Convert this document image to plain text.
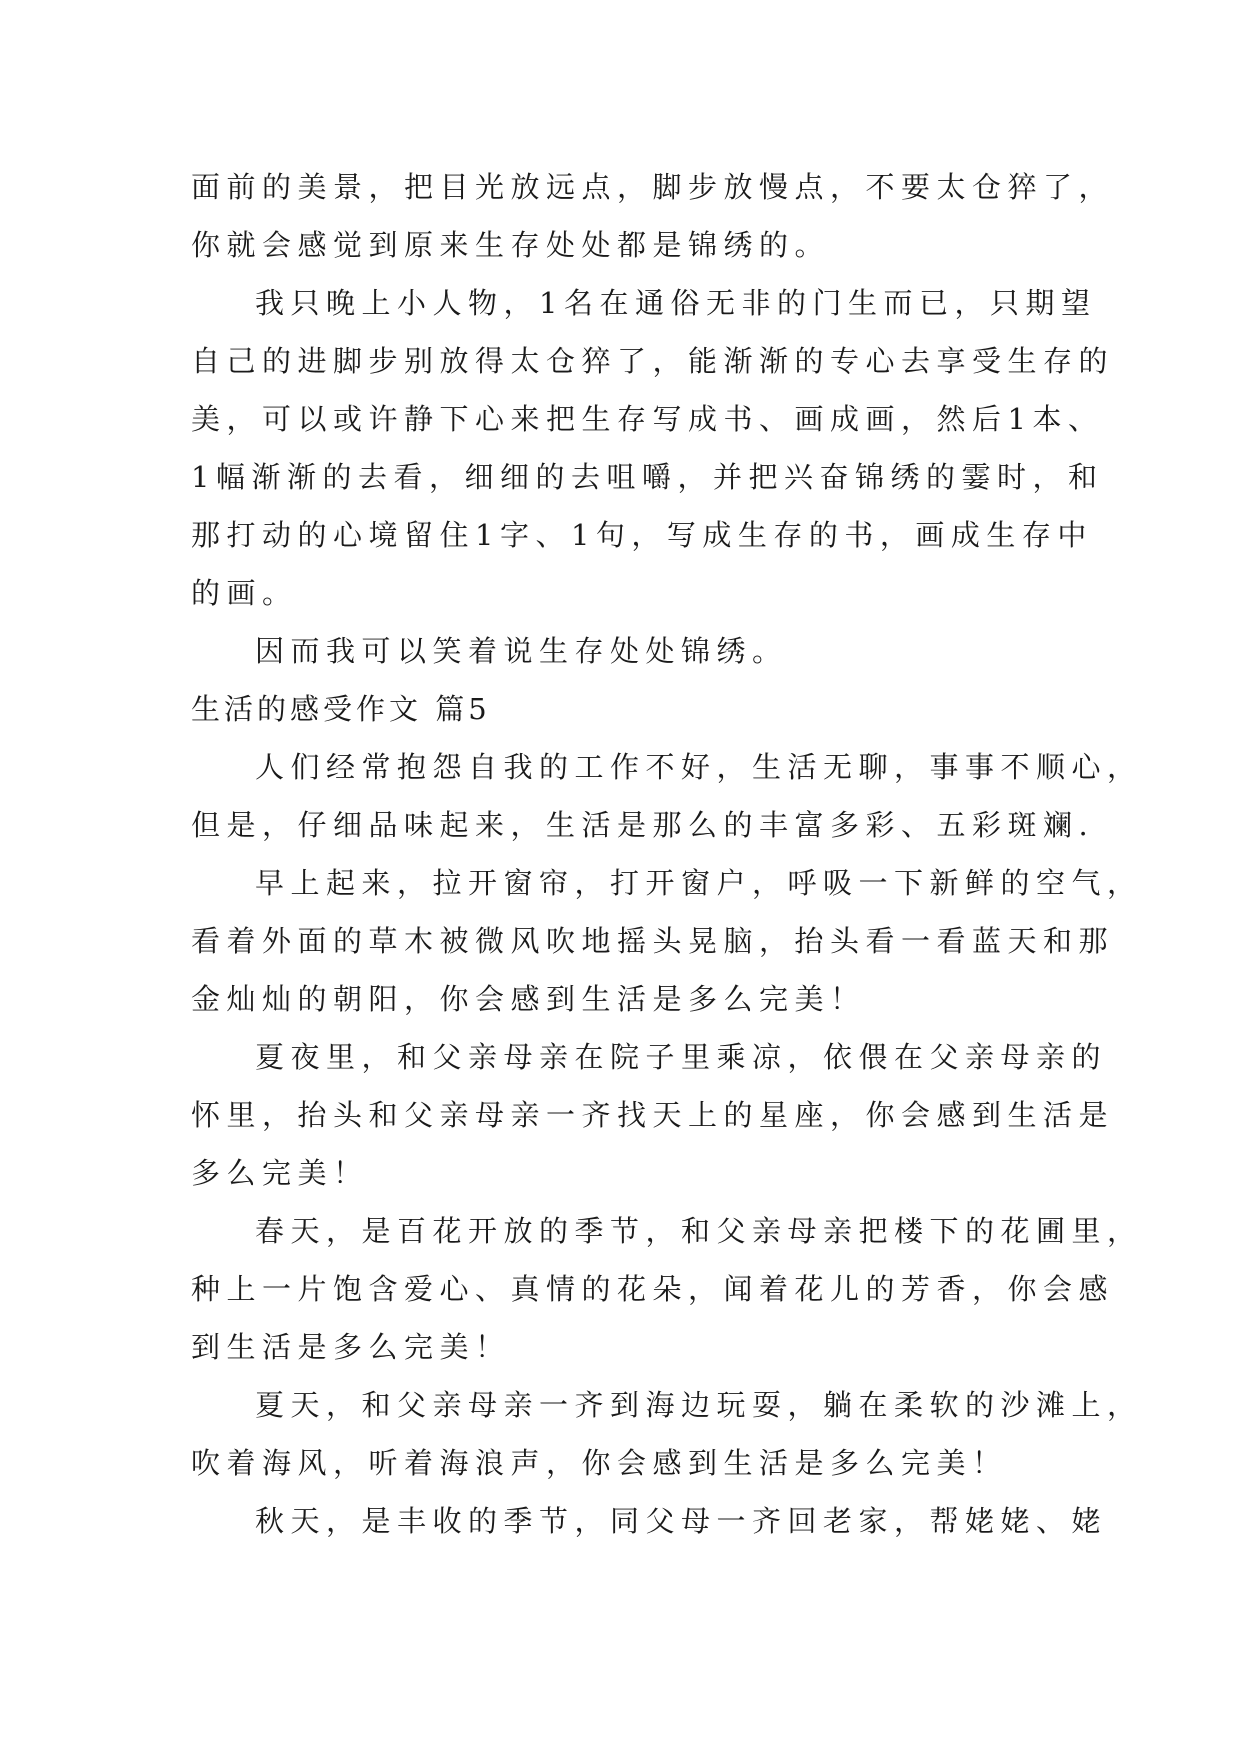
面前的美景，把目光放远点，脚步放慢点，不要太仓猝了，
你就会感觉到原来生存处处都是锦绣的。
我只晚上小人物，1名在通俗无非的门生而已，只期望
自己的进脚步别放得太仓猝了，能渐渐的专心去享受生存的
美，可以或许静下心来把生存写成书、画成画，然后1本、
1幅渐渐的去看，细细的去咀嚼，并把兴奋锦绣的霎时，和
那打动的心境留住1字、1句，写成生存的书，画成生存中
的画。
因而我可以笑着说生存处处锦绣。
生活的感受作文 篇5
人们经常抱怨自我的工作不好，生活无聊，事事不顺心，
但是，仔细品味起来，生活是那么的丰富多彩、五彩斑斓.
早上起来，拉开窗帘，打开窗户，呼吸一下新鲜的空气，
看着外面的草木被微风吹地摇头晃脑，抬头看一看蓝天和那
金灿灿的朝阳，你会感到生活是多么完美！
夏夜里，和父亲母亲在院子里乘凉，依偎在父亲母亲的
怀里，抬头和父亲母亲一齐找天上的星座，你会感到生活是
多么完美！
春天，是百花开放的季节，和父亲母亲把楼下的花圃里，
种上一片饱含爱心、真情的花朵，闻着花儿的芳香，你会感
到生活是多么完美！
夏天，和父亲母亲一齐到海边玩耍，躺在柔软的沙滩上，
吹着海风，听着海浪声，你会感到生活是多么完美！
秋天，是丰收的季节，同父母一齐回老家，帮姥姥、姥
